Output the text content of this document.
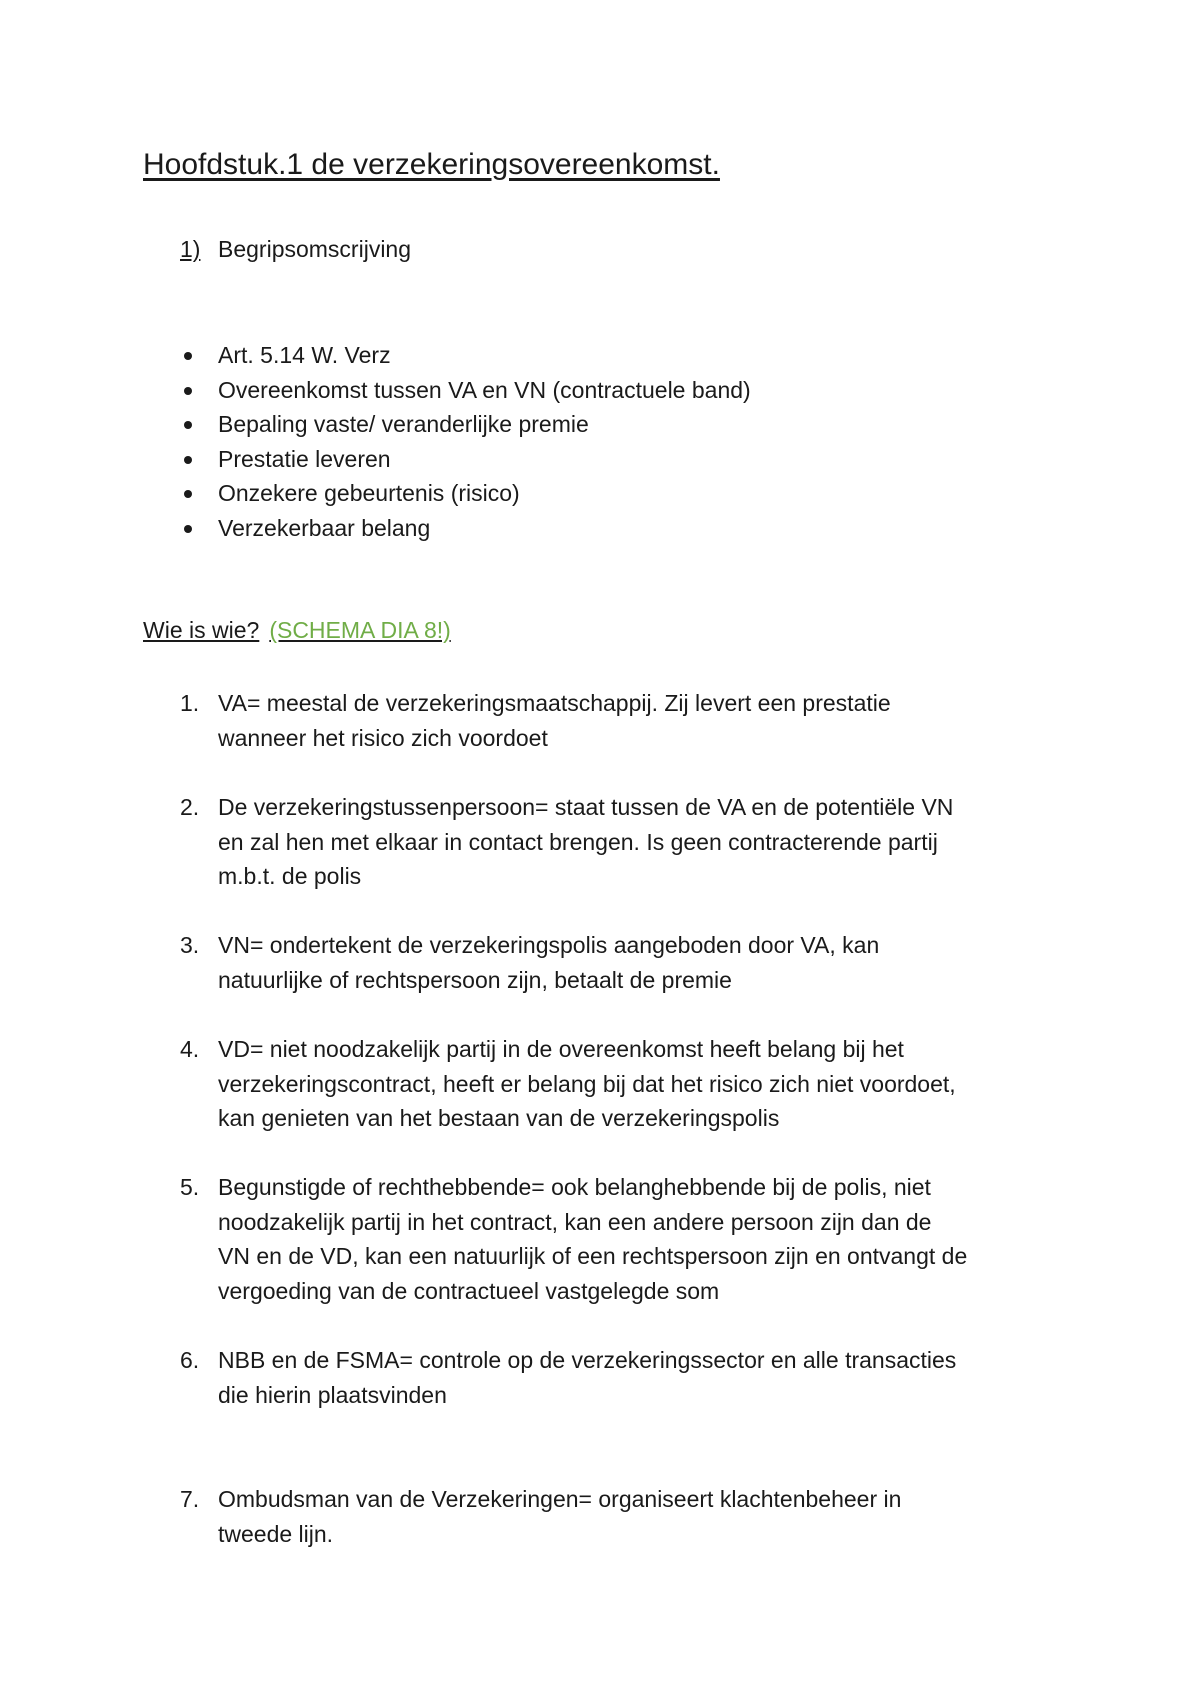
Hoofdstuk.1 de verzekeringsovereenkomst.
1) Begripsomscrijving
Art. 5.14 W. Verz
Overeenkomst tussen VA en VN (contractuele band)
Bepaling vaste/ veranderlijke premie
Prestatie leveren
Onzekere gebeurtenis (risico)
Verzekerbaar belang
Wie is wie? (SCHEMA DIA 8!)
1. VA= meestal de verzekeringsmaatschappij. Zij levert een prestatie
wanneer het risico zich voordoet
2. De verzekeringstussenpersoon= staat tussen de VA en de potentiële VN
en zal hen met elkaar in contact brengen. Is geen contracterende partij
m.b.t. de polis
3. VN= ondertekent de verzekeringspolis aangeboden door VA, kan
natuurlijke of rechtspersoon zijn, betaalt de premie
4. VD= niet noodzakelijk partij in de overeenkomst heeft belang bij het
verzekeringscontract, heeft er belang bij dat het risico zich niet voordoet,
kan genieten van het bestaan van de verzekeringspolis
5. Begunstigde of rechthebbende= ook belanghebbende bij de polis, niet
noodzakelijk partij in het contract, kan een andere persoon zijn dan de
VN en de VD, kan een natuurlijk of een rechtspersoon zijn en ontvangt de
vergoeding van de contractueel vastgelegde som
6. NBB en de FSMA= controle op de verzekeringssector en alle transacties
die hierin plaatsvinden
7. Ombudsman van de Verzekeringen= organiseert klachtenbeheer in
tweede lijn.
